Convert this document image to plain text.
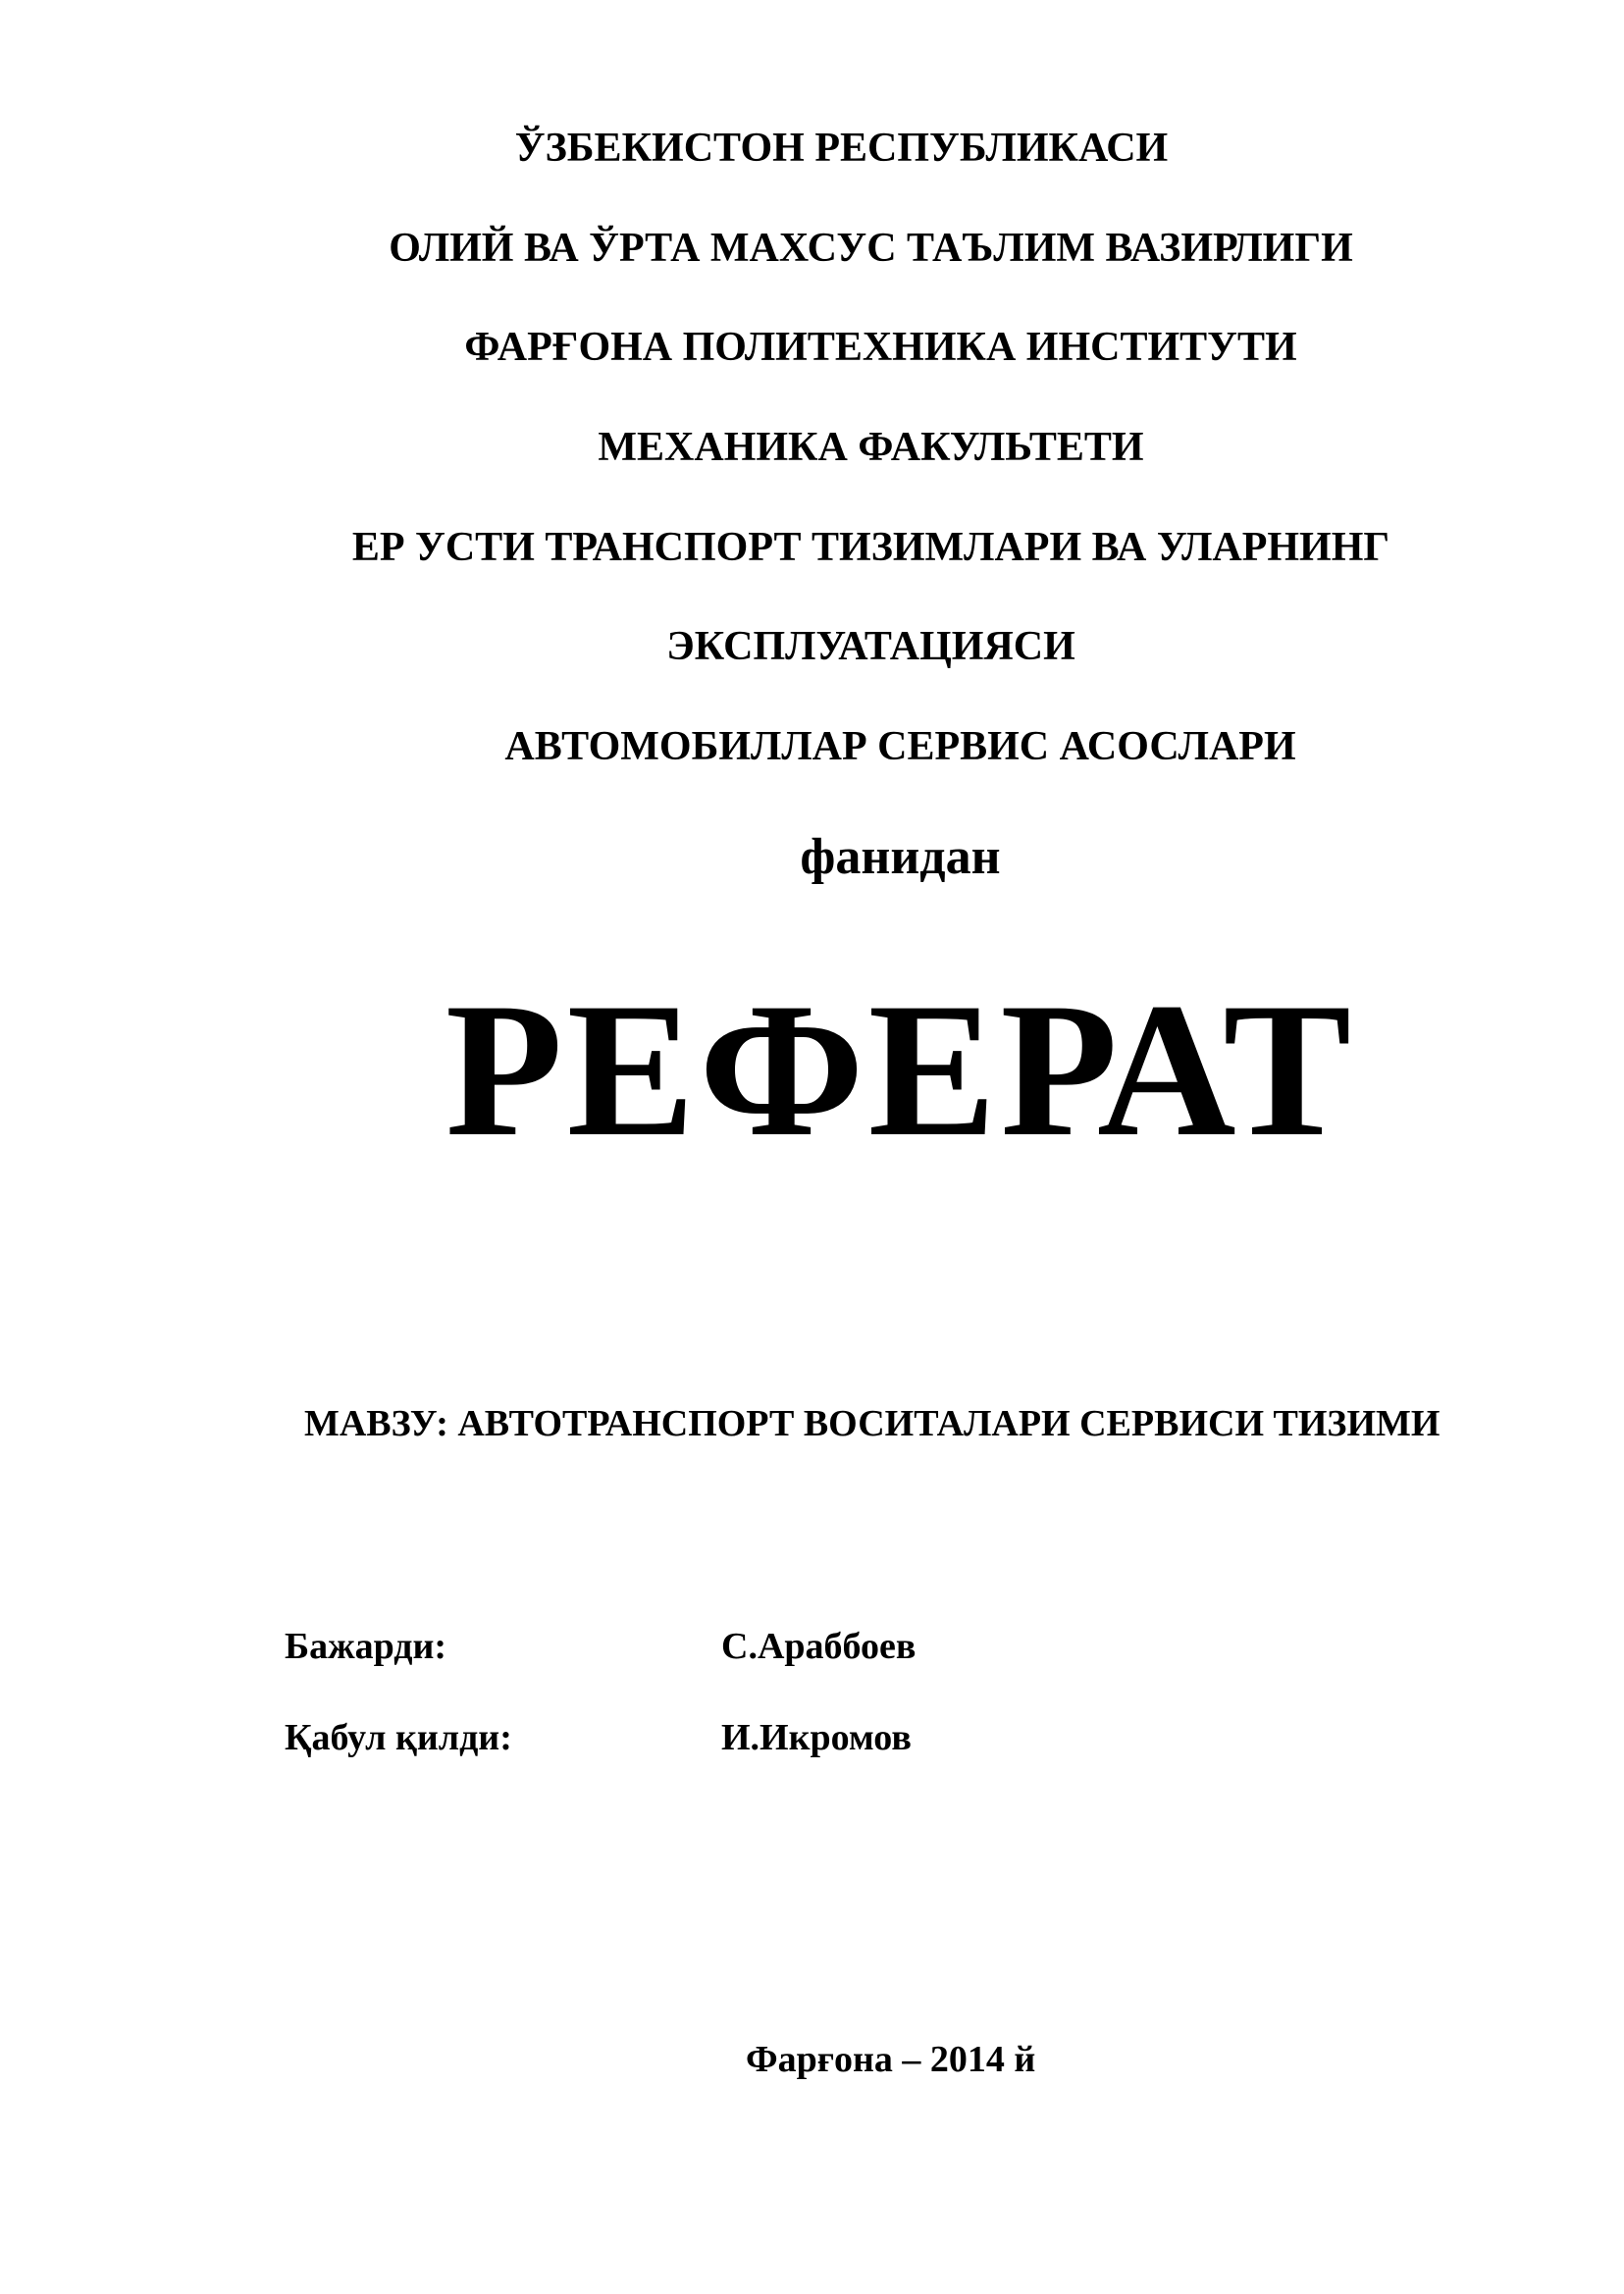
ЎЗБЕКИСТОН РЕСПУБЛИКАСИ
ОЛИЙ ВА ЎРТА МАХСУС ТАЪЛИМ ВАЗИРЛИГИ
ФАРҒОНА ПОЛИТЕХНИКА ИНСТИТУТИ
МЕХАНИКА ФАКУЛЬТЕТИ
ЕР УСТИ ТРАНСПОРТ ТИЗИМЛАРИ ВА УЛАРНИНГ
ЭКСПЛУАТАЦИЯСИ
АВТОМОБИЛЛАР СЕРВИС АСОСЛАРИ
фанидан
РЕФЕРАТ
МАВЗУ: АВТОТРАНСПОРТ ВОСИТАЛАРИ СЕРВИСИ ТИЗИМИ
Бажарди:	С.Араббоев
Қабул қилди:	И.Икромов
Фарғона – 2014 й
